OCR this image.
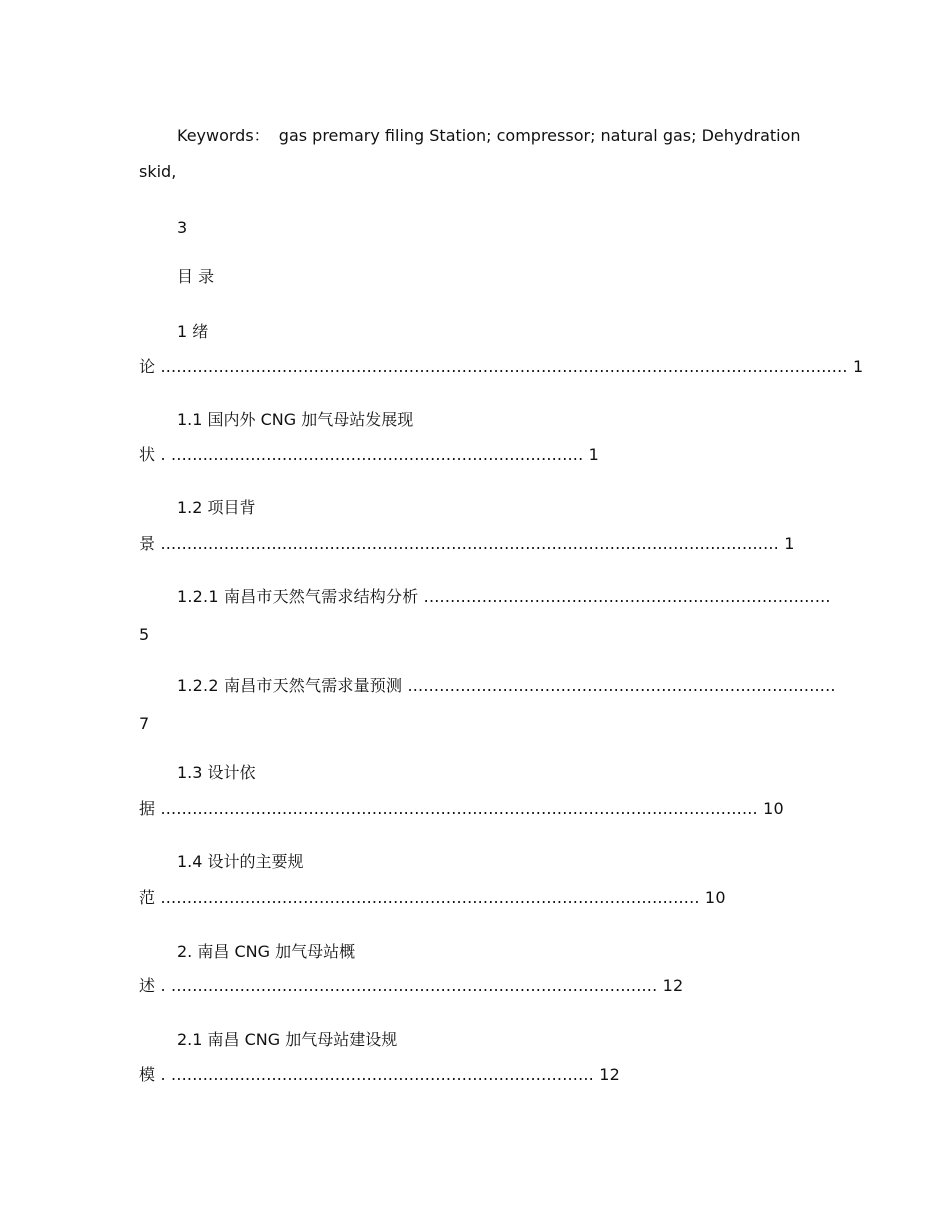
Keywords： gas premary filing Station; compressor; natural gas; Dehydration
skid,
3
目 录
1 绪
论 .................................................................................................................................. 1
1.1 国内外 CNG 加气母站发展现
状 . .............................................................................. 1
1.2 项目背
景 ..................................................................................................................... 1
1.2.1 南昌市天然气需求结构分析 .............................................................................
5
1.2.2 南昌市天然气需求量预测 .................................................................................
7
1.3 设计依
据 ................................................................................................................. 10
1.4 设计的主要规
范 ...................................................................................................... 10
2. 南昌 CNG 加气母站概
述 . ............................................................................................ 12
2.1 南昌 CNG 加气母站建设规
模 . ................................................................................ 12
